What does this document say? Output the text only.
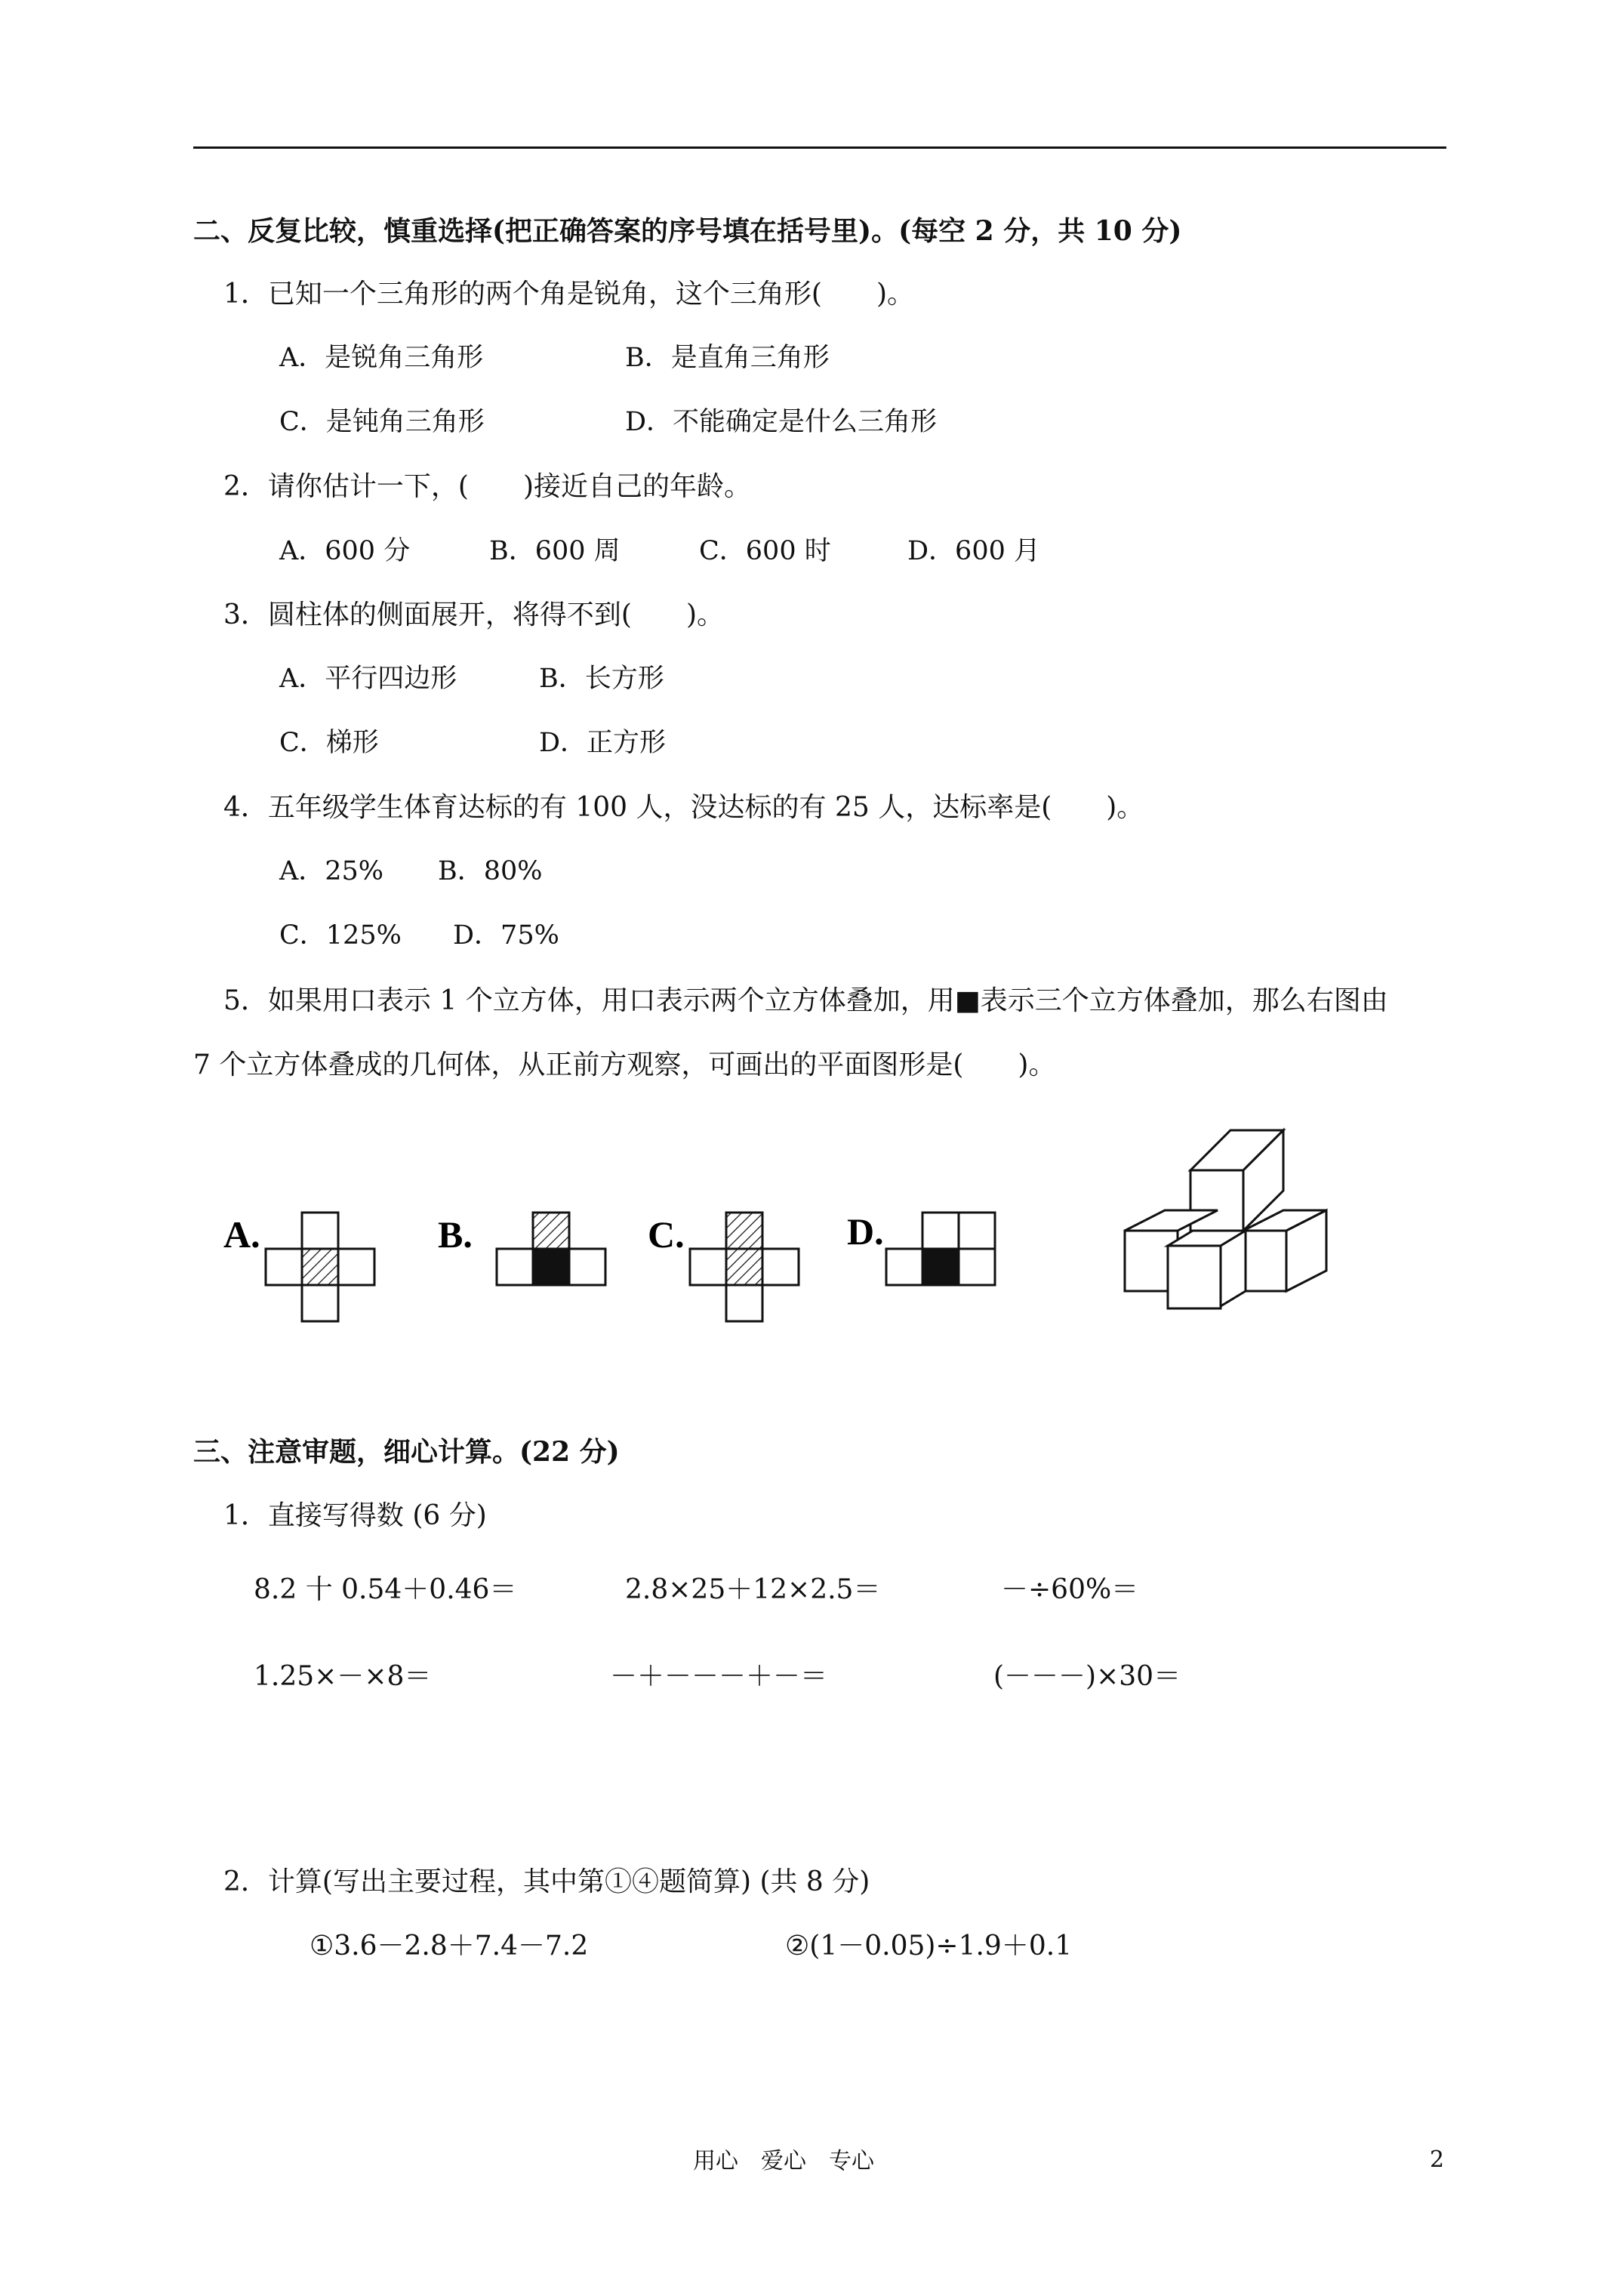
二、反复比较，慎重选择(把正确答案的序号填在括号里)。(每空 2 分，共 10 分)
1．已知一个三角形的两个角是锐角，这个三角形(　　)。
A．是锐角三角形	B．是直角三角形
C．是钝角三角形	D．不能确定是什么三角形
2．请你估计一下，(　　)接近自己的年龄。
A．600 分	B．600 周	C．600 时	D．600 月
3．圆柱体的侧面展开，将得不到(　　)。
A．平行四边形	B．长方形
C．梯形	D．正方形
4．五年级学生体育达标的有 100 人，没达标的有 25 人，达标率是(　　)。
A．25% B．80%
C．125% D．75%
5．如果用口表示 1 个立方体，用口表示两个立方体叠加，用■表示三个立方体叠加，那么右图由
7 个立方体叠成的几何体，从正前方观察，可画出的平面图形是(　　)。
A.	B.	C.	D.
三、注意审题，细心计算。(22 分)
1．直接写得数 (6 分)
8.2 十 0.54＋0.46＝	2.8×25＋12×2.5＝	－÷60%＝
1.25×－×8＝	－＋－－－＋－＝	(－－－)×30＝
2．计算(写出主要过程，其中第①④题简算) (共 8 分)
①3.6－2.8＋7.4－7.2	②(1－0.05)÷1.9＋0.1
用心　爱心　专心	2
